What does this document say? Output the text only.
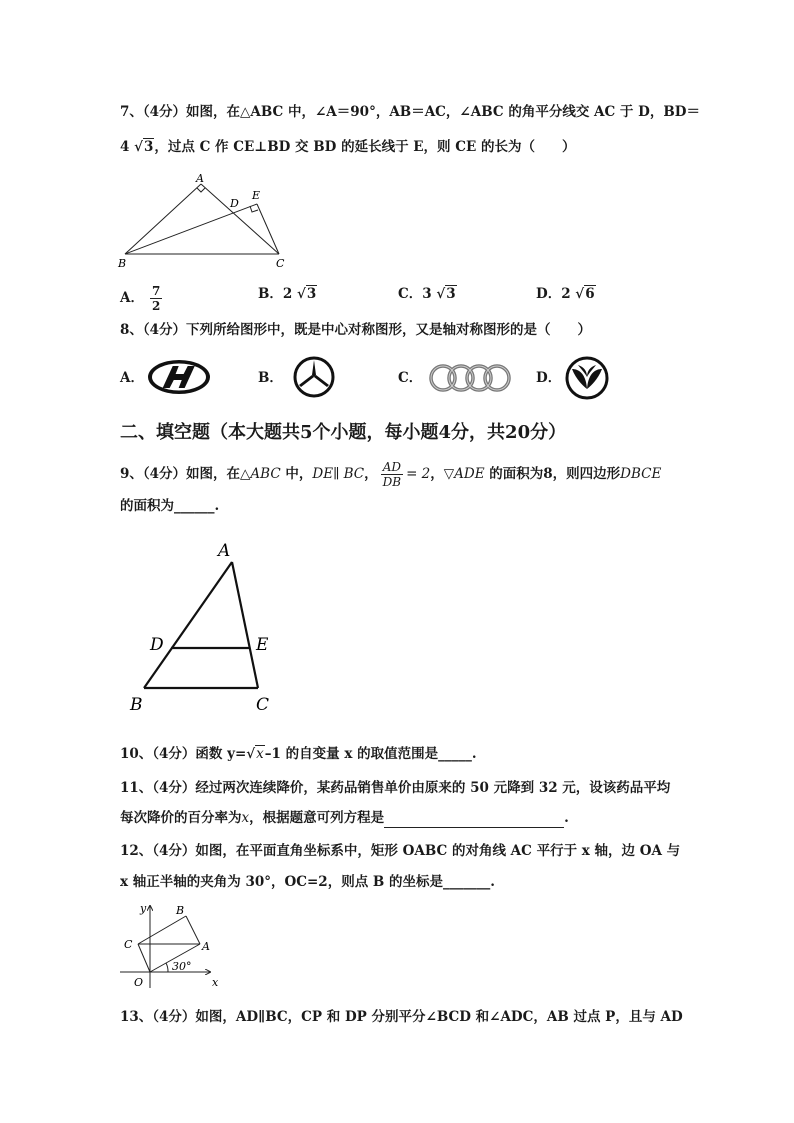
7、（4分）如图，在△ABC 中，∠A＝90°，AB＝AC，∠ABC 的角平分线交 AC 于 D，BD＝
4 √3，过点 C 作 CE⊥BD 交 BD 的延长线于 E，则 CE 的长为（　　）
A
D
E
B	C
A． $\frac{7}{2}$	B．2 √3	C．3 √3	D．2 √6
8、（4分）下列所给图形中，既是中心对称图形，又是轴对称图形的是（　　）
A．	B．	C．	D．
二、填空题（本大题共5个小题，每小题4分，共20分）
9、（4分）如图，在△ABC 中，DE∥ BC， $\frac{AD}{DB} = 2$，▽ADE 的面积为8，则四边形DBCE
的面积为______.
A
D	E
B	C
10、（4分）函数 y=√x–1 的自变量 x 的取值范围是_____.
11、（4分）经过两次连续降价，某药品销售单价由原来的 50 元降到 32 元，设该药品平均
每次降价的百分率为x，根据题意可列方程是	.
12、（4分）如图，在平面直角坐标系中，矩形 OABC 的对角线 AC 平行于 x 轴，边 OA 与
x 轴正半轴的夹角为 30°，OC=2，则点 B 的坐标是_______.
y	B
C	A
30°
O	x
13、（4分）如图，AD∥BC，CP 和 DP 分别平分∠BCD 和∠ADC，AB 过点 P，且与 AD
